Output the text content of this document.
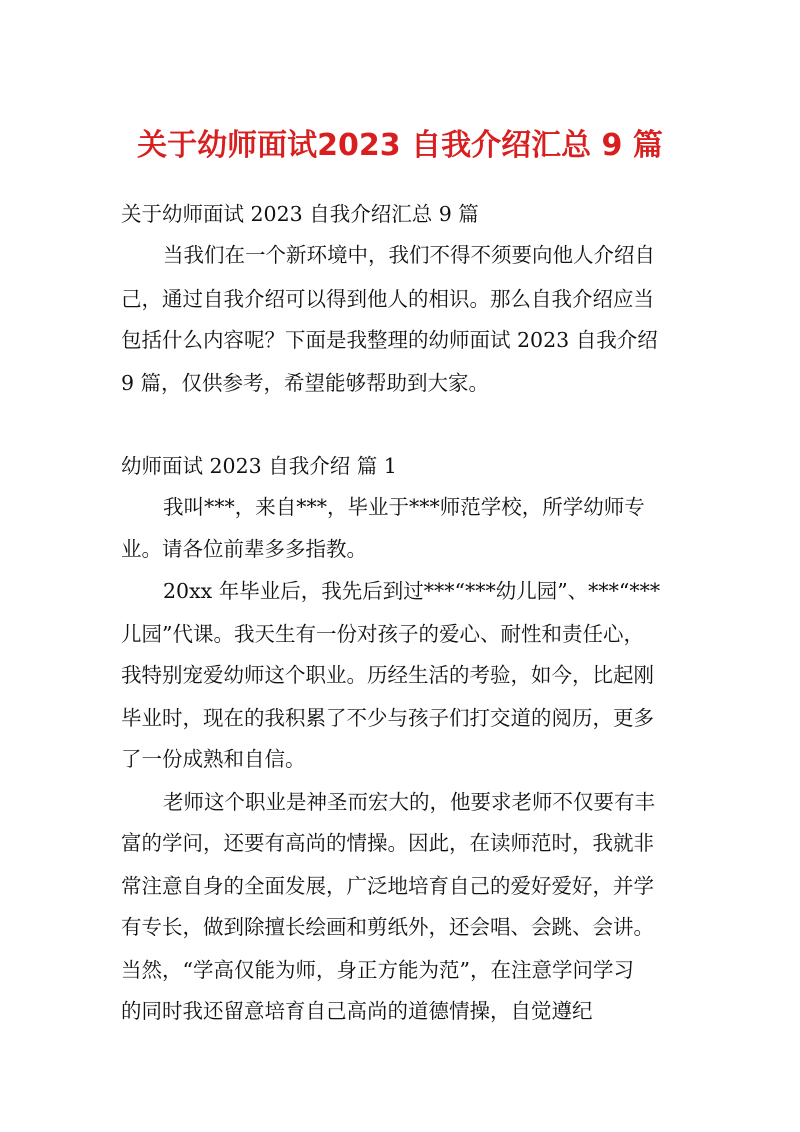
关于幼师面试2023 自我介绍汇总 9 篇
关于幼师面试 2023 自我介绍汇总 9 篇
当我们在一个新环境中，我们不得不须要向他人介绍自
己，通过自我介绍可以得到他人的相识。那么自我介绍应当
包括什么内容呢？下面是我整理的幼师面试 2023 自我介绍
9 篇，仅供参考，希望能够帮助到大家。
幼师面试 2023 自我介绍 篇 1
我叫***，来自***，毕业于***师范学校，所学幼师专
业。请各位前辈多多指教。
20xx 年毕业后，我先后到过***“***幼儿园”、***“***
儿园”代课。我天生有一份对孩子的爱心、耐性和责任心，
我特别宠爱幼师这个职业。历经生活的考验，如今，比起刚
毕业时，现在的我积累了不少与孩子们打交道的阅历，更多
了一份成熟和自信。
老师这个职业是神圣而宏大的，他要求老师不仅要有丰
富的学问，还要有高尚的情操。因此，在读师范时，我就非
常注意自身的全面发展，广泛地培育自己的爱好爱好，并学
有专长，做到除擅长绘画和剪纸外，还会唱、会跳、会讲。
当然，“学高仅能为师，身正方能为范”，在注意学问学习
的同时我还留意培育自己高尚的道德情操，自觉遵纪
